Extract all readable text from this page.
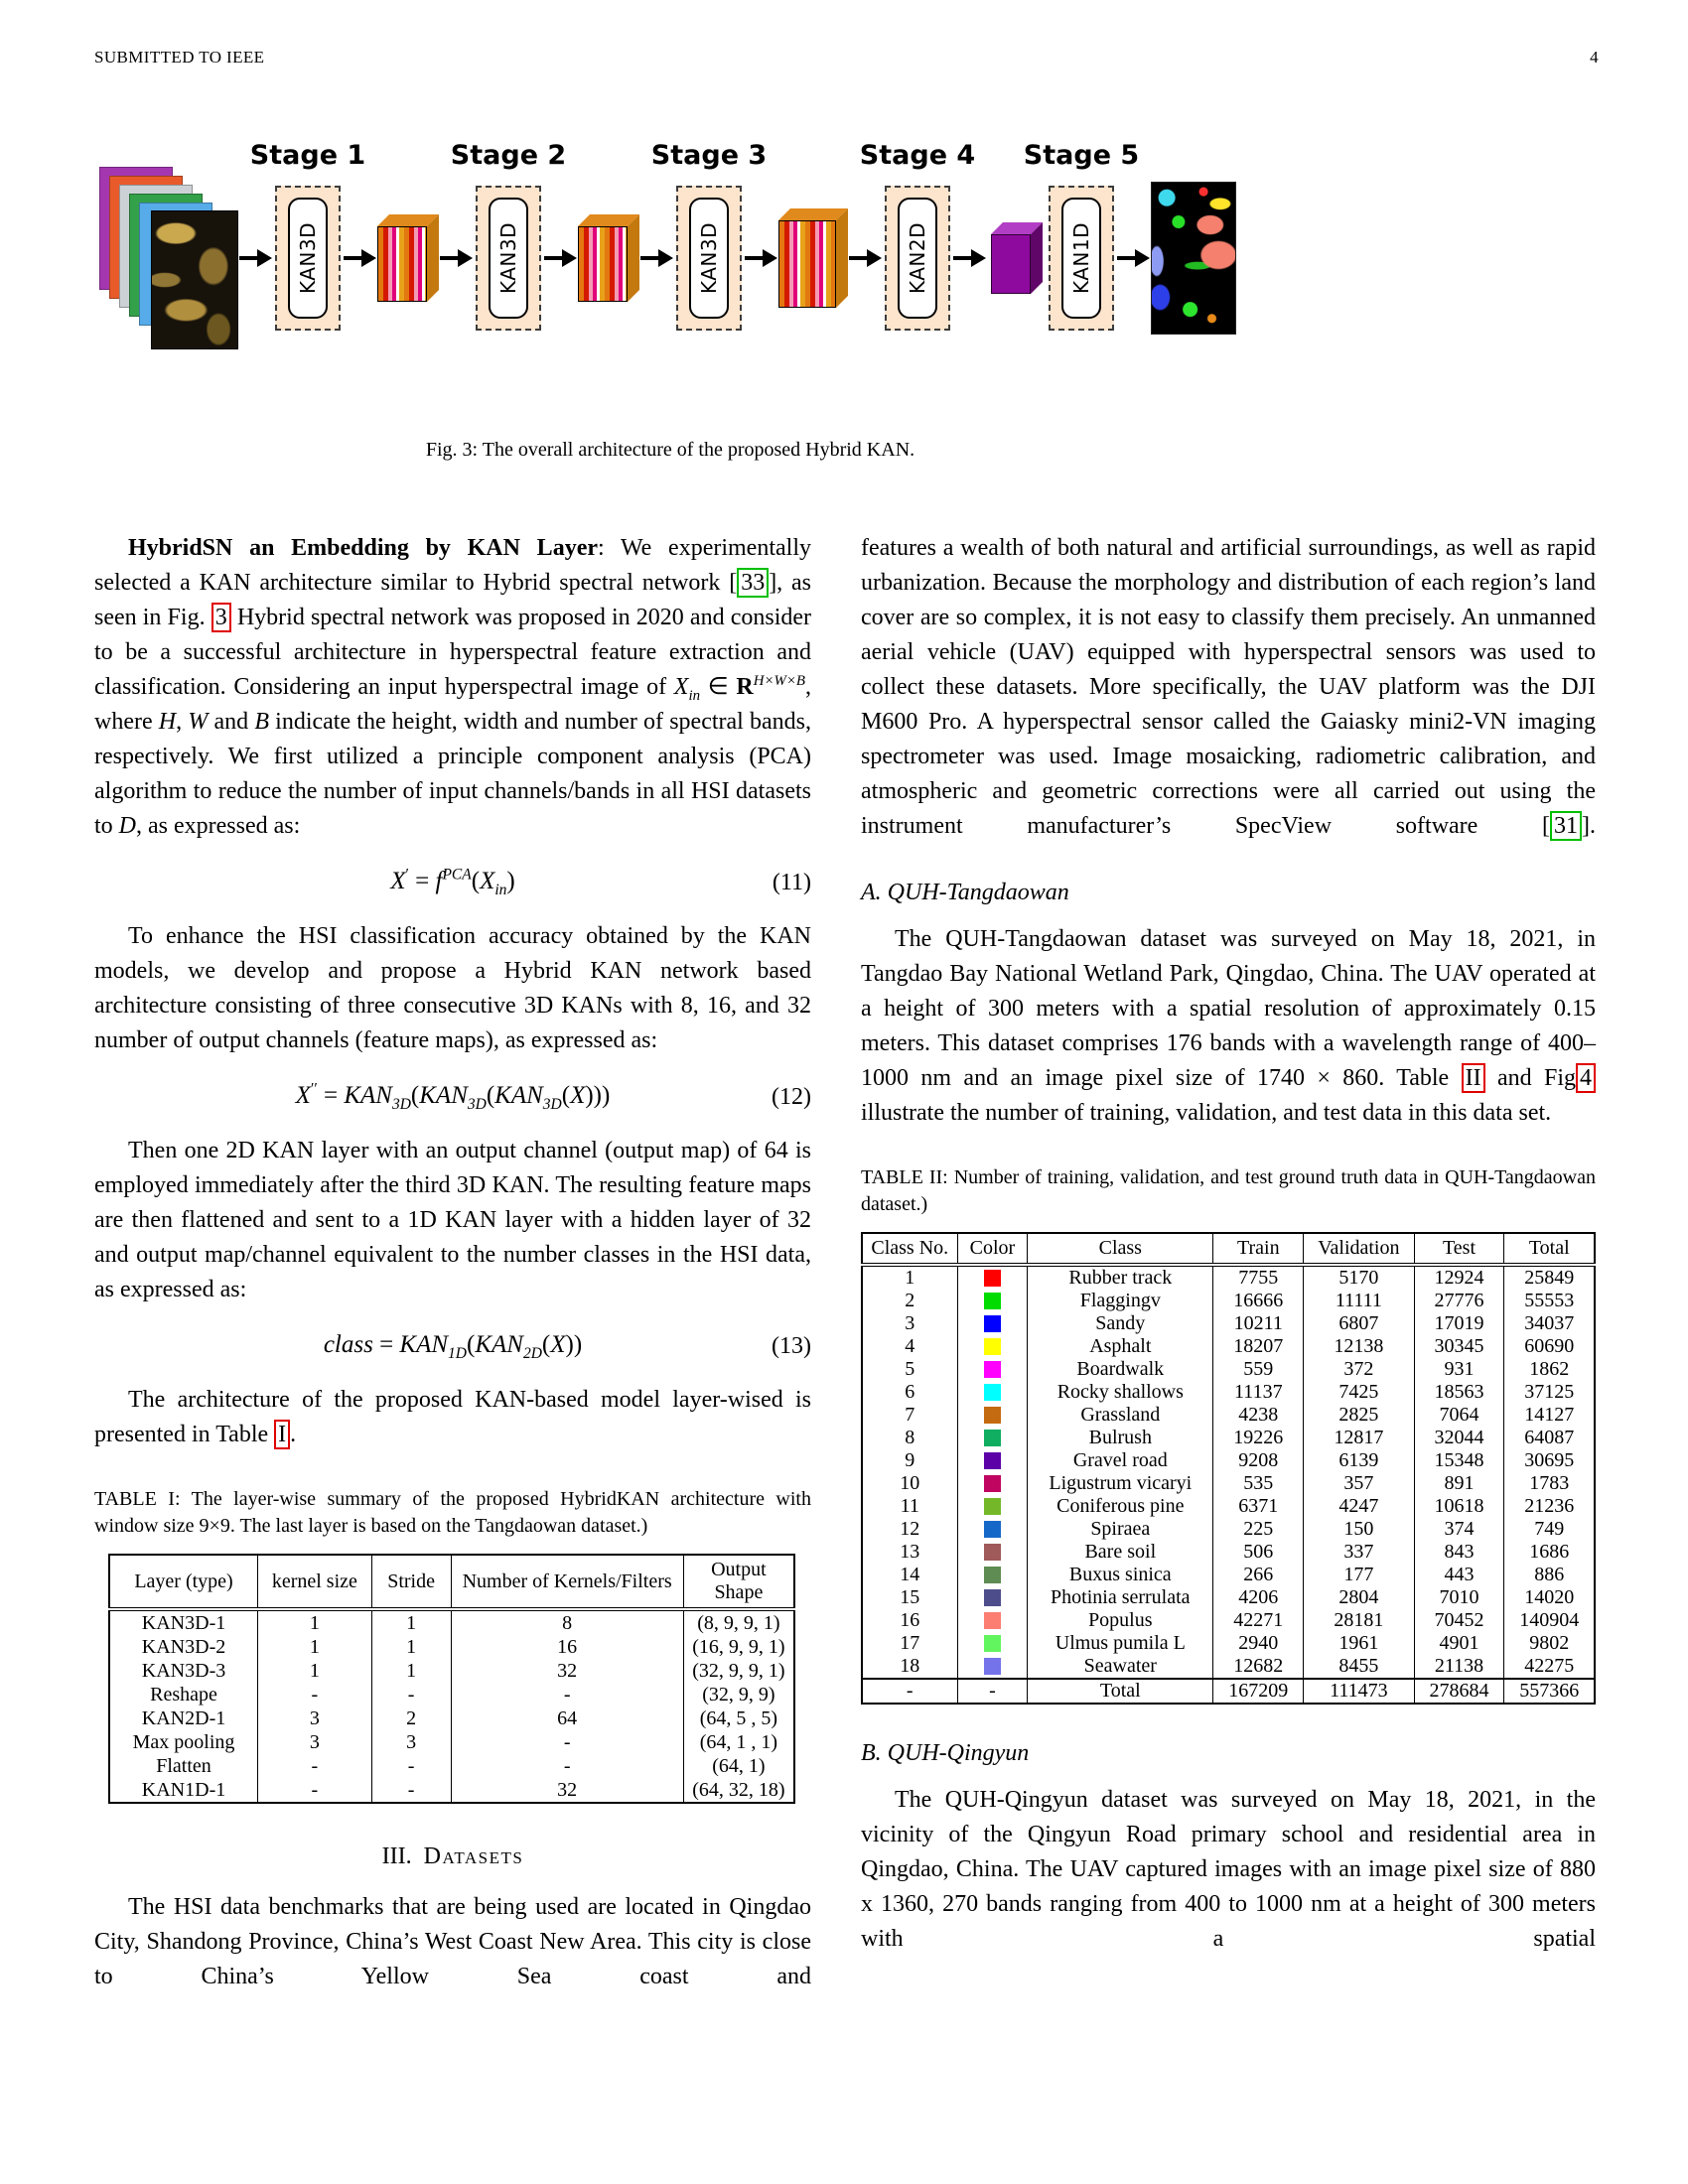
SUBMITTED TO IEEE	4
Stage 1
KAN3D
Stage 2
KAN3D
Stage 3
KAN3D
Stage 4
KAN2D
Stage 5
KAN1D
Fig. 3: The overall architecture of the proposed Hybrid KAN.

HybridSN an Embedding by KAN Layer: We experimentally selected a KAN architecture similar to Hybrid spectral network [ 33 ], as seen in Fig. 3 Hybrid spectral network was proposed in 2020 and consider to be a successful architecture in hyperspectral feature extraction and classification. Considering an input hyperspectral image of $X_{in}$ ∈ $R^{H\times W\times B}$, where H, W and B indicate the height, width and number of spectral bands, respectively. We first utilized a principle component analysis (PCA) algorithm to reduce the number of input channels/bands in all HSI datasets to D, as expressed as:

$X' = f^{PCA}(X_{in})$	(11)

To enhance the HSI classification accuracy obtained by the KAN models, we develop and propose a Hybrid KAN network based architecture consisting of three consecutive 3D KANs with 8, 16, and 32 number of output channels (feature maps), as expressed as:

$X'' = KAN_{3D}(KAN_{3D}(KAN_{3D}(X)))$	(12)

Then one 2D KAN layer with an output channel (output map) of 64 is employed immediately after the third 3D KAN. The resulting feature maps are then flattened and sent to a 1D KAN layer with a hidden layer of 32 and output map/channel equivalent to the number classes in the HSI data, as expressed as:

class = $KAN_{1D}(KAN_{2D}(X))$	(13)

The architecture of the proposed KAN-based model layer-wised is presented in Table I .

TABLE I: The layer-wise summary of the proposed HybridKAN architecture with window size 9×9. The last layer is based on the Tangdaowan dataset.)
Layer (type)	kernel size	Stride	Number of Kernels/Filters	Output Shape
KAN3D-1	1	1	8	(8, 9, 9, 1)
KAN3D-2	1	1	16	(16, 9, 9, 1)
KAN3D-3	1	1	32	(32, 9, 9, 1)
Reshape	-	-	-	(32, 9, 9)
KAN2D-1	3	2	64	(64, 5 , 5)
Max pooling	3	3	-	(64, 1 , 1)
Flatten	-	-	-	(64, 1)
KAN1D-1	-	-	32	(64, 32, 18)
III. Datasets

The HSI data benchmarks that are being used are located in Qingdao City, Shandong Province, China’s West Coast New Area. This city is close to China’s Yellow Sea coast and

features a wealth of both natural and artificial surroundings, as well as rapid urbanization. Because the morphology and distribution of each region’s land cover are so complex, it is not easy to classify them precisely. An unmanned aerial vehicle (UAV) equipped with hyperspectral sensors was used to collect these datasets. More specifically, the UAV platform was the DJI M600 Pro. A hyperspectral sensor called the Gaiasky mini2-VN imaging spectrometer was used. Image mosaicking, radiometric calibration, and atmospheric and geometric corrections were all carried out using the instrument manufacturer’s SpecView software [ 31 ].

A. QUH-Tangdaowan

The QUH-Tangdaowan dataset was surveyed on May 18, 2021, in Tangdao Bay National Wetland Park, Qingdao, China. The UAV operated at a height of 300 meters with a spatial resolution of approximately 0.15 meters. This dataset comprises 176 bands with a wavelength range of 400–1000 nm and an image pixel size of 1740 × 860. Table II and Fig 4 illustrate the number of training, validation, and test data in this data set.

TABLE II: Number of training, validation, and test ground truth data in QUH-Tangdaowan dataset.)
Class No.	Color	Class	Train	Validation	Test	Total
1		Rubber track	7755	5170	12924	25849
2		Flaggingv	16666	11111	27776	55553
3		Sandy	10211	6807	17019	34037
4		Asphalt	18207	12138	30345	60690
5		Boardwalk	559	372	931	1862
6		Rocky shallows	11137	7425	18563	37125
7		Grassland	4238	2825	7064	14127
8		Bulrush	19226	12817	32044	64087
9		Gravel road	9208	6139	15348	30695
10		Ligustrum vicaryi	535	357	891	1783
11		Coniferous pine	6371	4247	10618	21236
12		Spiraea	225	150	374	749
13		Bare soil	506	337	843	1686
14		Buxus sinica	266	177	443	886
15		Photinia serrulata	4206	2804	7010	14020
16		Populus	42271	28181	70452	140904
17		Ulmus pumila L	2940	1961	4901	9802
18		Seawater	12682	8455	21138	42275
-	-	Total	167209	111473	278684	557366
B. QUH-Qingyun

The QUH-Qingyun dataset was surveyed on May 18, 2021, in the vicinity of the Qingyun Road primary school and residential area in Qingdao, China. The UAV captured images with an image pixel size of 880 x 1360, 270 bands ranging from 400 to 1000 nm at a height of 300 meters with a spatial
